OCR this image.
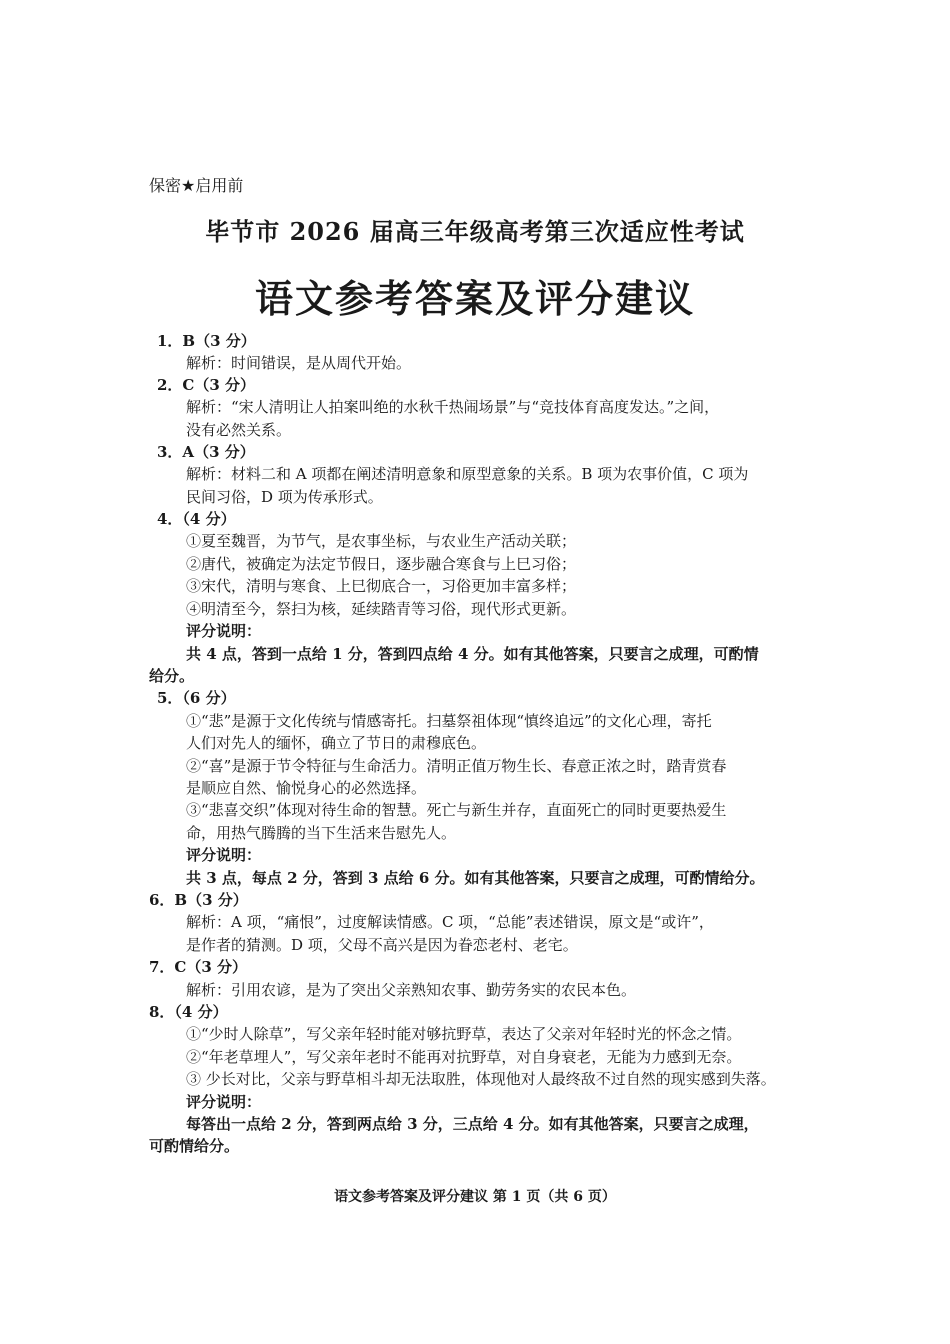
保密★启用前
毕节市 2026 届高三年级高考第三次适应性考试
语文参考答案及评分建议
1．B（3 分）
解析：时间错误，是从周代开始。
2．C（3 分）
解析：“宋人清明让人拍案叫绝的水秋千热闹场景”与“竞技体育高度发达。”之间，
没有必然关系。
3．A（3 分）
解析：材料二和 A 项都在阐述清明意象和原型意象的关系。B 项为农事价值，C 项为
民间习俗，D 项为传承形式。
4．（4 分）
①夏至魏晋，为节气，是农事坐标，与农业生产活动关联；
②唐代，被确定为法定节假日，逐步融合寒食与上巳习俗；
③宋代，清明与寒食、上巳彻底合一，习俗更加丰富多样；
④明清至今，祭扫为核，延续踏青等习俗，现代形式更新。
评分说明：
共 4 点，答到一点给 1 分，答到四点给 4 分。如有其他答案，只要言之成理，可酌情
给分。
5．（6 分）
①“悲”是源于文化传统与情感寄托。扫墓祭祖体现“慎终追远”的文化心理，寄托
人们对先人的缅怀，确立了节日的肃穆底色。
②“喜”是源于节令特征与生命活力。清明正值万物生长、春意正浓之时，踏青赏春
是顺应自然、愉悦身心的必然选择。
③“悲喜交织”体现对待生命的智慧。死亡与新生并存，直面死亡的同时更要热爱生
命，用热气腾腾的当下生活来告慰先人。
评分说明：
共 3 点，每点 2 分，答到 3 点给 6 分。如有其他答案，只要言之成理，可酌情给分。
6．B（3 分）
解析：A 项，“痛恨”，过度解读情感。C 项，“总能”表述错误，原文是“或许”，
是作者的猜测。D 项，父母不高兴是因为眷恋老村、老宅。
7．C（3 分）
解析：引用农谚，是为了突出父亲熟知农事、勤劳务实的农民本色。
8．（4 分）
①“少时人除草”，写父亲年轻时能对够抗野草，表达了父亲对年轻时光的怀念之情。
②“年老草埋人”，写父亲年老时不能再对抗野草，对自身衰老，无能为力感到无奈。
③ 少长对比，父亲与野草相斗却无法取胜，体现他对人最终敌不过自然的现实感到失落。
评分说明：
每答出一点给 2 分，答到两点给 3 分，三点给 4 分。如有其他答案，只要言之成理，
可酌情给分。
语文参考答案及评分建议 第 1 页（共 6 页）
